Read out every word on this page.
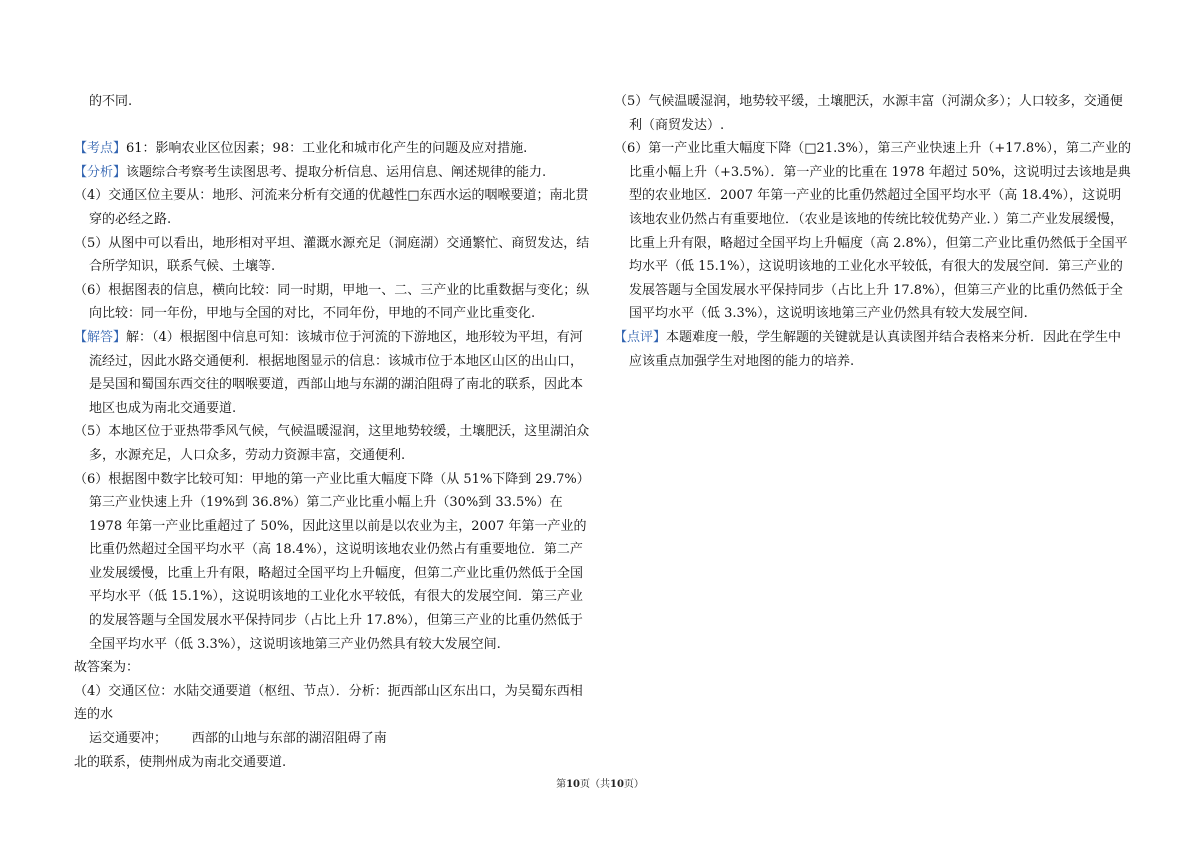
的不同.

【考点】61：影响农业区位因素；98：工业化和城市化产生的问题及应对措施.

【分析】该题综合考察考生读图思考、提取分析信息、运用信息、阐述规律的能力.

（4）交通区位主要从：地形、河流来分析有交通的优越性□东西水运的咽喉要道；南北贯穿的必经之路.

（5）从图中可以看出，地形相对平坦、灌溉水源充足（洞庭湖）交通繁忙、商贸发达，结合所学知识，联系气候、土壤等.

（6）根据图表的信息，横向比较：同一时期，甲地一、二、三产业的比重数据与变化；纵向比较：同一年份，甲地与全国的对比，不同年份，甲地的不同产业比重变化.

【解答】解：（4）根据图中信息可知：该城市位于河流的下游地区，地形较为平坦，有河流经过，因此水路交通便利．根据地图显示的信息：该城市位于本地区山区的出山口，是吴国和蜀国东西交往的咽喉要道，西部山地与东湖的湖泊阻碍了南北的联系，因此本地区也成为南北交通要道.

（5）本地区位于亚热带季风气候，气候温暖湿润，这里地势较缓，土壤肥沃，这里湖泊众多，水源充足，人口众多，劳动力资源丰富，交通便利.

（6）根据图中数字比较可知：甲地的第一产业比重大幅度下降（从 51%下降到 29.7%）第三产业快速上升（19%到 36.8%）第二产业比重小幅上升（30%到 33.5%）在 1978 年第一产业比重超过了 50%，因此这里以前是以农业为主，2007 年第一产业的比重仍然超过全国平均水平（高 18.4%），这说明该地农业仍然占有重要地位．第二产业发展缓慢，比重上升有限，略超过全国平均上升幅度，但第二产业比重仍然低于全国平均水平（低 15.1%），这说明该地的工业化水平较低，有很大的发展空间．第三产业的发展答题与全国发展水平保持同步（占比上升 17.8%），但第三产业的比重仍然低于全国平均水平（低 3.3%），这说明该地第三产业仍然具有较大发展空间.

故答案为：

（4）交通区位：水陆交通要道（枢纽、节点）．分析：扼西部山区东出口，为吴蜀东西相连的水

运交通要冲；      西部的山地与东部的湖沼阻碍了南

北的联系，使荆州成为南北交通要道.

（5）气候温暖湿润，地势较平缓，土壤肥沃，水源丰富（河湖众多）；人口较多，交通便利（商贸发达）.

（6）第一产业比重大幅度下降（□21.3%），第三产业快速上升（+17.8%），第二产业的比重小幅上升（+3.5%）．第一产业的比重在 1978 年超过 50%，这说明过去该地是典型的农业地区．2007 年第一产业的比重仍然超过全国平均水平（高 18.4%），这说明该地农业仍然占有重要地位．（农业是该地的传统比较优势产业．）第二产业发展缓慢，比重上升有限，略超过全国平均上升幅度（高 2.8%），但第二产业比重仍然低于全国平均水平（低 15.1%），这说明该地的工业化水平较低，有很大的发展空间．第三产业的发展答题与全国发展水平保持同步（占比上升 17.8%），但第三产业的比重仍然低于全国平均水平（低 3.3%），这说明该地第三产业仍然具有较大发展空间.

【点评】本题难度一般，学生解题的关键就是认真读图并结合表格来分析．因此在学生中应该重点加强学生对地图的能力的培养.

第10页（共10页）
